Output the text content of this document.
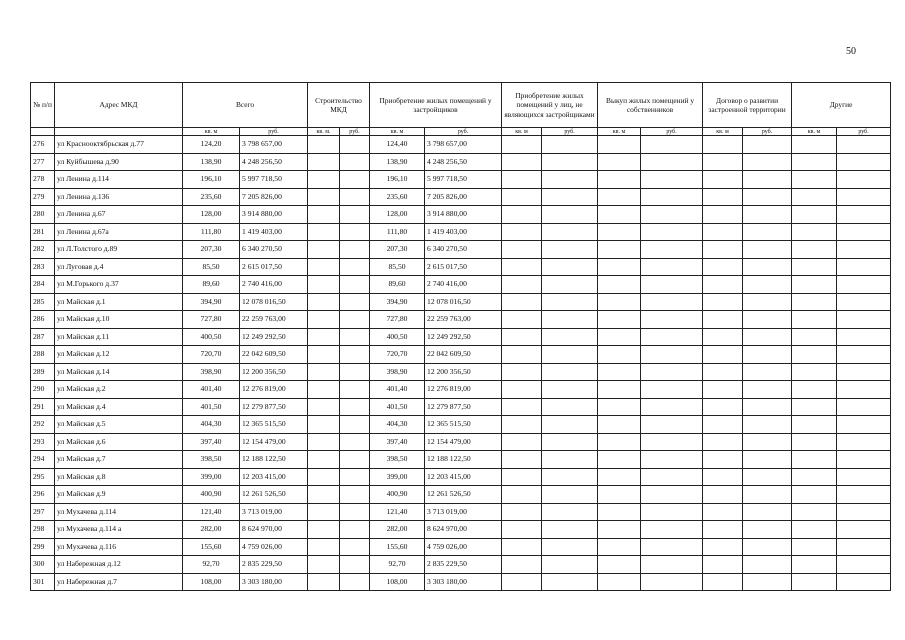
50
№ п/п	Адрес МКД	Всего		Строительство МКД		Приобретение жилых помещений у застройщиков		Приобретение жилых помещений у лиц, не являющихся застройщиками		Выкуп жилых помещений у собственников		Договор о развитии застроенной территории		Другие	
		кв. м	руб.	кв. м.	руб.	кв. м	руб.	кв. м	руб.	кв. м	руб.	кв. м	руб.	кв. м	руб.
276	ул Краснооктябрьская д.77	124,20	3 798 657,00			124,40	3 798 657,00								
277	ул Куйбышева д.90	138,90	4 248 256,50			138,90	4 248 256,50								
278	ул Ленина д.114	196,10	5 997 718,50			196,10	5 997 718,50								
279	ул Ленина д.136	235,60	7 205 826,00			235,60	7 205 826,00								
280	ул Ленина д.67	128,00	3 914 880,00			128,00	3 914 880,00								
281	ул Ленина д.67а	111,80	1 419 403,00			111,80	1 419 403,00								
282	ул Л.Толстого д.89	207,30	6 340 270,50			207,30	6 340 270,50								
283	ул Луговая д.4	85,50	2 615 017,50			85,50	2 615 017,50								
284	ул М.Горького д.37	89,60	2 740 416,00			89,60	2 740 416,00								
285	ул Майская д.1	394,90	12 078 016,50			394,90	12 078 016,50								
286	ул Майская д.10	727,80	22 259 763,00			727,80	22 259 763,00								
287	ул Майская д.11	400,50	12 249 292,50			400,50	12 249 292,50								
288	ул Майская д.12	720,70	22 042 609,50			720,70	22 042 609,50								
289	ул Майская д.14	398,90	12 200 356,50			398,90	12 200 356,50								
290	ул Майская д.2	401,40	12 276 819,00			401,40	12 276 819,00								
291	ул Майская д.4	401,50	12 279 877,50			401,50	12 279 877,50								
292	ул Майская д.5	404,30	12 365 515,50			404,30	12 365 515,50								
293	ул Майская д.6	397,40	12 154 479,00			397,40	12 154 479,00								
294	ул Майская д.7	398,50	12 188 122,50			398,50	12 188 122,50								
295	ул Майская д.8	399,00	12 203 415,00			399,00	12 203 415,00								
296	ул Майская д.9	400,90	12 261 526,50			400,90	12 261 526,50								
297	ул Мухачева д.114	121,40	3 713 019,00			121,40	3 713 019,00								
298	ул Мухачева д.114 а	282,00	8 624 970,00			282,00	8 624 970,00								
299	ул Мухачева д.116	155,60	4 759 026,00			155,60	4 759 026,00								
300	ул Набережная д.12	92,70	2 835 229,50			92,70	2 835 229,50								
301	ул Набережная д.7	108,00	3 303 180,00			108,00	3 303 180,00								
